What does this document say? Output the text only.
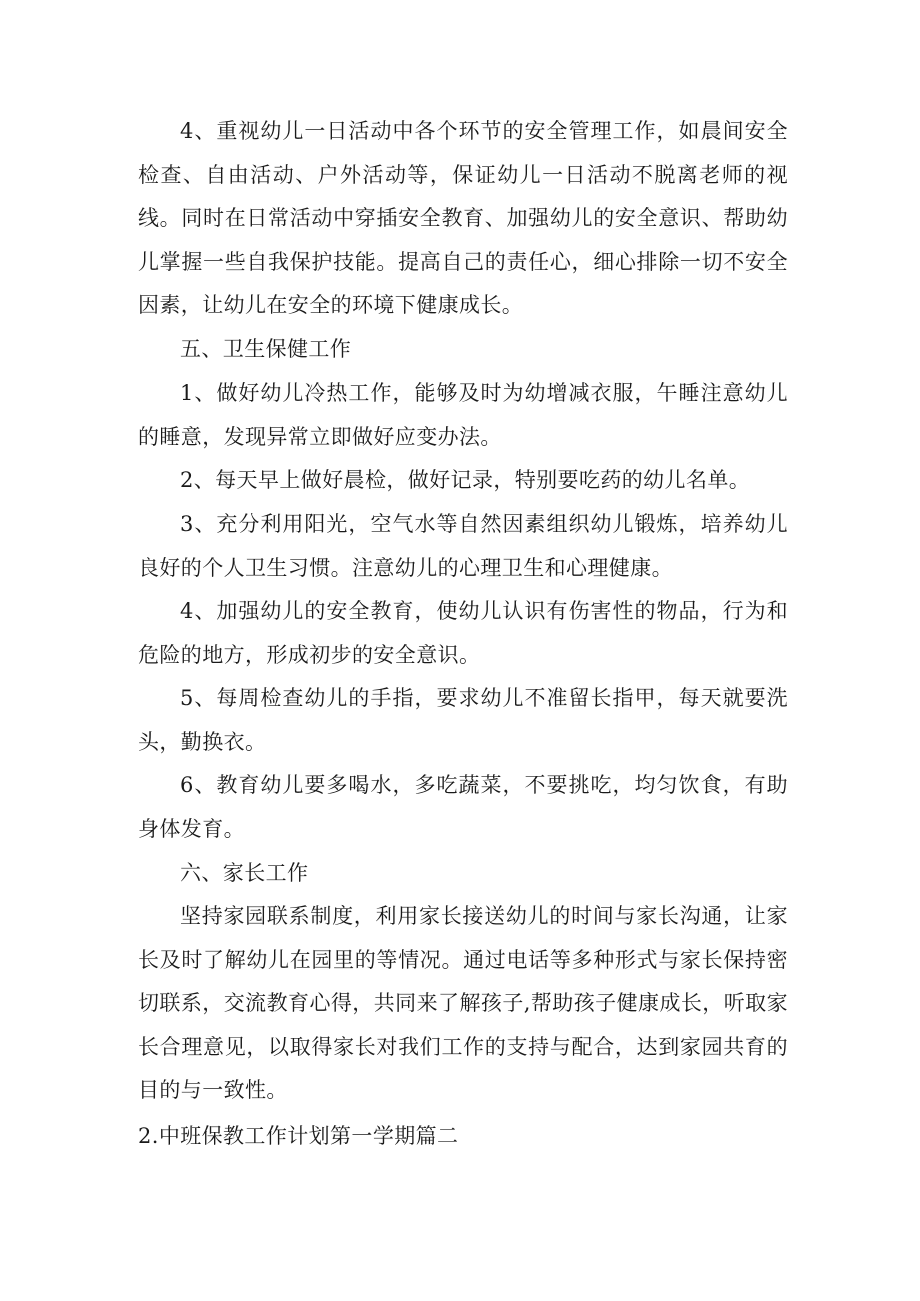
4、重视幼儿一日活动中各个环节的安全管理工作，如晨间安全检查、自由活动、户外活动等，保证幼儿一日活动不脱离老师的视线。同时在日常活动中穿插安全教育、加强幼儿的安全意识、帮助幼儿掌握一些自我保护技能。提高自己的责任心，细心排除一切不安全因素，让幼儿在安全的环境下健康成长。

五、卫生保健工作

1、做好幼儿冷热工作，能够及时为幼增减衣服，午睡注意幼儿的睡意，发现异常立即做好应变办法。

2、每天早上做好晨检，做好记录，特别要吃药的幼儿名单。

3、充分利用阳光，空气水等自然因素组织幼儿锻炼，培养幼儿良好的个人卫生习惯。注意幼儿的心理卫生和心理健康。

4、加强幼儿的安全教育，使幼儿认识有伤害性的物品，行为和危险的地方，形成初步的安全意识。

5、每周检查幼儿的手指，要求幼儿不准留长指甲，每天就要洗头，勤换衣。

6、教育幼儿要多喝水，多吃蔬菜，不要挑吃，均匀饮食，有助身体发育。

六、家长工作

坚持家园联系制度，利用家长接送幼儿的时间与家长沟通，让家长及时了解幼儿在园里的等情况。通过电话等多种形式与家长保持密切联系，交流教育心得，共同来了解孩子,帮助孩子健康成长，听取家长合理意见，以取得家长对我们工作的支持与配合，达到家园共育的目的与一致性。

2.中班保教工作计划第一学期篇二
